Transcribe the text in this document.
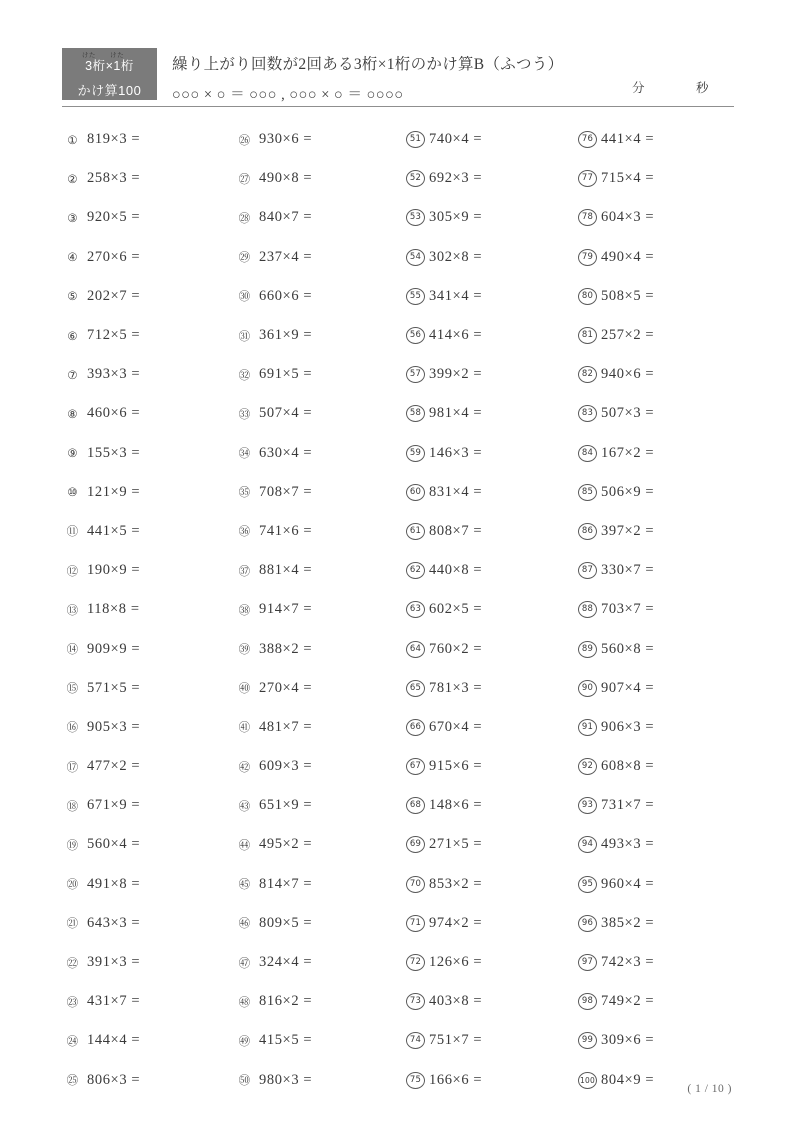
けた
3桁×
けた
1桁
かけ算100
繰り上がり回数が2回ある3桁×1桁のかけ算B（ふつう）
○○○ × ○ ＝ ○○○ , ○○○ × ○ ＝ ○○○○	分	秒
① 819×3 =
② 258×3 =
③ 920×5 =
④ 270×6 =
⑤ 202×7 =
⑥ 712×5 =
⑦ 393×3 =
⑧ 460×6 =
⑨ 155×3 =
⑩ 121×9 =
⑪ 441×5 =
⑫ 190×9 =
⑬ 118×8 =
⑭ 909×9 =
⑮ 571×5 =
⑯ 905×3 =
⑰ 477×2 =
⑱ 671×9 =
⑲ 560×4 =
⑳ 491×8 =
㉑ 643×3 =
㉒ 391×3 =
㉓ 431×7 =
㉔ 144×4 =
㉕ 806×3 =
㉖ 930×6 =
㉗ 490×8 =
㉘ 840×7 =
㉙ 237×4 =
㉚ 660×6 =
㉛ 361×9 =
㉜ 691×5 =
㉝ 507×4 =
㉞ 630×4 =
㉟ 708×7 =
㊱ 741×6 =
㊲ 881×4 =
㊳ 914×7 =
㊴ 388×2 =
㊵ 270×4 =
㊶ 481×7 =
㊷ 609×3 =
㊸ 651×9 =
㊹ 495×2 =
㊺ 814×7 =
㊻ 809×5 =
㊼ 324×4 =
㊽ 816×2 =
㊾ 415×5 =
㊿ 980×3 =
51 740×4 =
52 692×3 =
53 305×9 =
54 302×8 =
55 341×4 =
56 414×6 =
57 399×2 =
58 981×4 =
59 146×3 =
60 831×4 =
61 808×7 =
62 440×8 =
63 602×5 =
64 760×2 =
65 781×3 =
66 670×4 =
67 915×6 =
68 148×6 =
69 271×5 =
70 853×2 =
71 974×2 =
72 126×6 =
73 403×8 =
74 751×7 =
75 166×6 =
76 441×4 =
77 715×4 =
78 604×3 =
79 490×4 =
80 508×5 =
81 257×2 =
82 940×6 =
83 507×3 =
84 167×2 =
85 506×9 =
86 397×2 =
87 330×7 =
88 703×7 =
89 560×8 =
90 907×4 =
91 906×3 =
92 608×8 =
93 731×7 =
94 493×3 =
95 960×4 =
96 385×2 =
97 742×3 =
98 749×2 =
99 309×6 =
100 804×9 =
( 1 / 10 )
